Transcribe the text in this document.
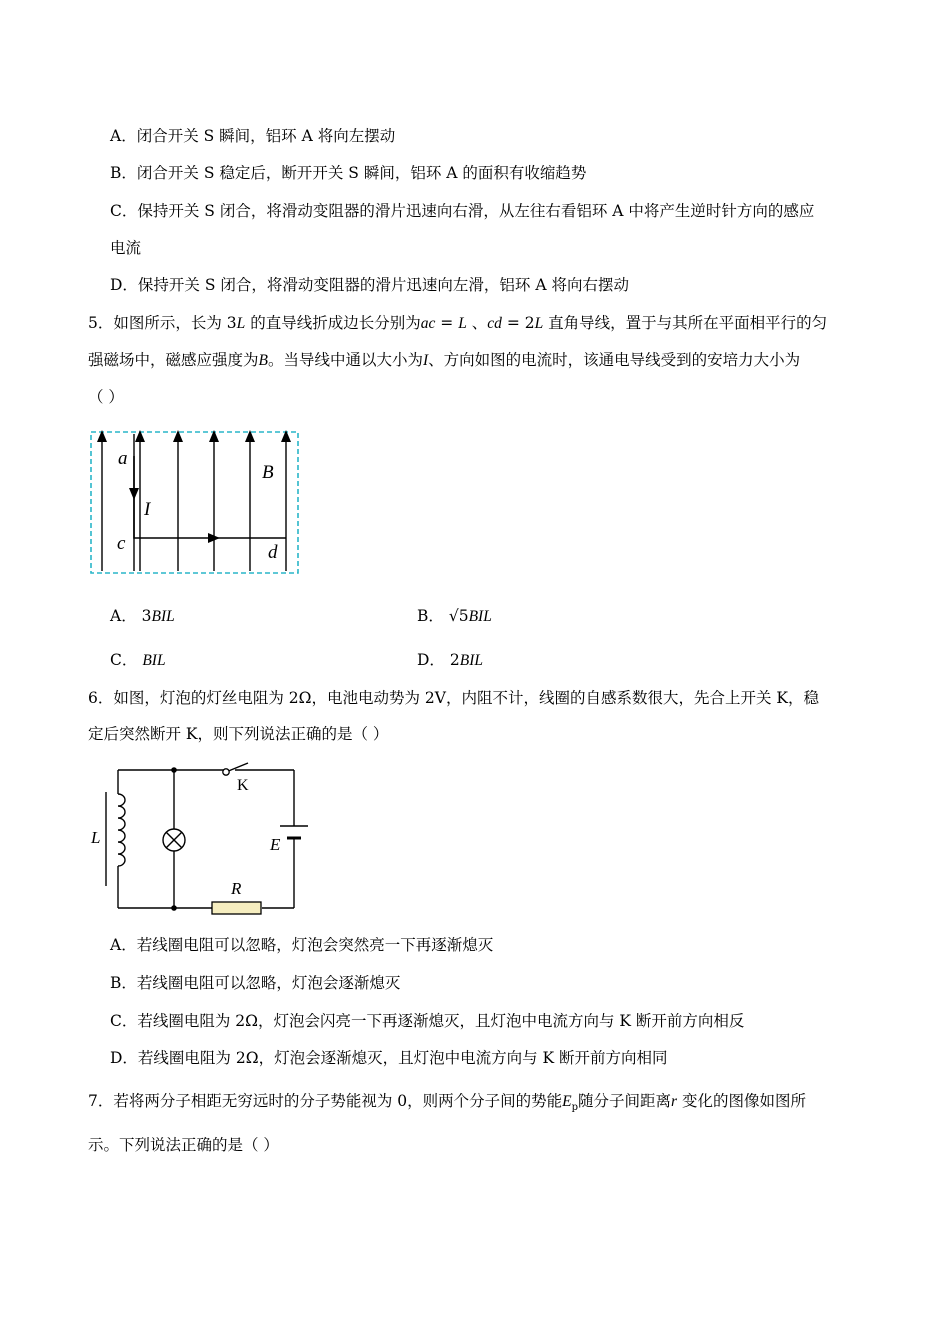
A．闭合开关 S 瞬间，铝环 A 将向左摆动
B．闭合开关 S 稳定后，断开开关 S 瞬间，铝环 A 的面积有收缩趋势
C．保持开关 S 闭合，将滑动变阻器的滑片迅速向右滑，从左往右看铝环 A 中将产生逆时针方向的感应
电流
D．保持开关 S 闭合，将滑动变阻器的滑片迅速向左滑，铝环 A 将向右摆动
5．如图所示，长为 3L 的直导线折成边长分别为ac = L 、cd = 2L 直角导线，置于与其所在平面相平行的匀
强磁场中，磁感应强度为B。当导线中通以大小为I、方向如图的电流时，该通电导线受到的安培力大小为
（ ）
a
I
c
B
d
A． 3BIL	B． √5BIL
C． BIL	D． 2BIL
6．如图，灯泡的灯丝电阻为 2Ω，电池电动势为 2V，内阻不计，线圈的自感系数很大，先合上开关 K，稳
定后突然断开 K，则下列说法正确的是（ ）
K
L	E
R
A．若线圈电阻可以忽略，灯泡会突然亮一下再逐渐熄灭
B．若线圈电阻可以忽略，灯泡会逐渐熄灭
C．若线圈电阻为 2Ω，灯泡会闪亮一下再逐渐熄灭，且灯泡中电流方向与 K 断开前方向相反
D．若线圈电阻为 2Ω，灯泡会逐渐熄灭，且灯泡中电流方向与 K 断开前方向相同
7．若将两分子相距无穷远时的分子势能视为 0，则两个分子间的势能$E_p$随分子间距离r 变化的图像如图所
示。下列说法正确的是（ ）
